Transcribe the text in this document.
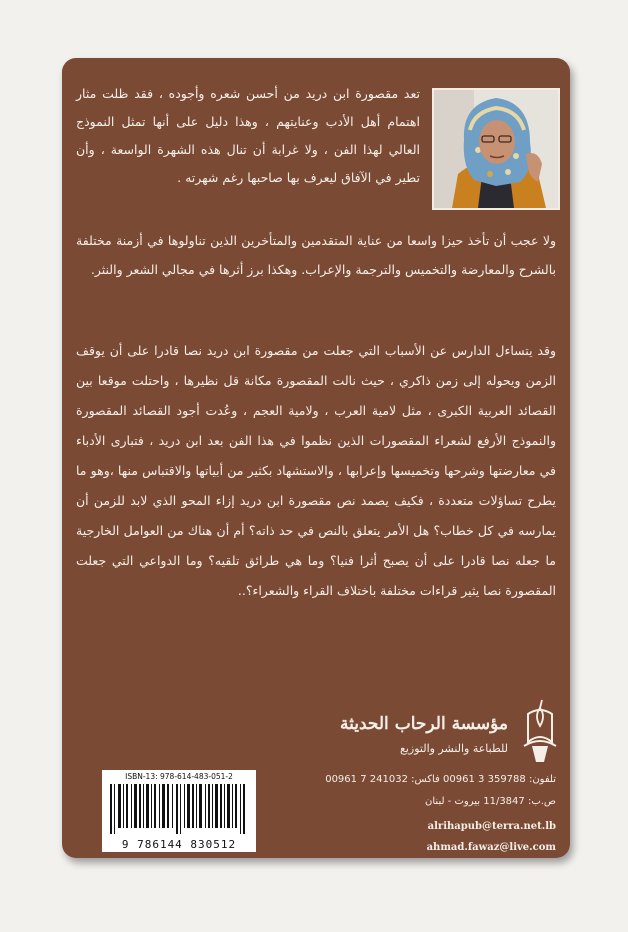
تعد مقصورة ابن دريد من أحسن شعره وأجوده ، فقد ظلت مثار اهتمام أهل الأدب وعنايتهم ، وهذا دليل على أنها تمثل النموذج العالي لهذا الفن ، ولا غرابة أن تنال هذه الشهرة الواسعة ، وأن تطير في الآفاق ليعرف بها صاحبها رغم شهرته .

ولا عجب أن تأخذ حيزا واسعا من عناية المتقدمين والمتأخرين الذين تناولوها في أزمنة مختلفة بالشرح والمعارضة والتخميس والترجمة والإعراب. وهكذا برز أثرها في مجالي الشعر والنثر.

وقد يتساءل الدارس عن الأسباب التي جعلت من مقصورة ابن دريد نصا قادرا على أن يوقف الزمن ويحوله إلى زمن ذاكري ، حيث نالت المقصورة مكانة قل نظيرها ، واحتلت موقعا بين القصائد العربية الكبرى ، مثل لامية العرب ، ولامية العجم ، وعُدت أجود القصائد المقصورة والنموذج الأرفع لشعراء المقصورات الذين نظموا في هذا الفن بعد ابن دريد ، فتبارى الأدباء في معارضتها وشرحها وتخميسها وإعرابها ، والاستشهاد بكثير من أبياتها والاقتباس منها ،وهو ما يطرح تساؤلات متعددة ، فكيف يصمد نص مقصورة ابن دريد إزاء المحو الذي لابد للزمن أن يمارسه في كل خطاب؟ هل الأمر يتعلق بالنص في حد ذاته؟ أم أن هناك من العوامل الخارجية ما جعله نصا قادرا على أن يصبح أثرا فنيا؟ وما هي طرائق تلقيه؟ وما الدواعي التي جعلت المقصورة نصا يثير قراءات مختلفة باختلاف القراء والشعراء؟..

مؤسسة الرحاب الحديثة
للطباعة والنشر والتوزيع
تلفون: 359788 3 00961 فاكس: 241032 7 00961
ص.ب: 11/3847 بيروت - لبنان
alrihapub@terra.net.lb
ahmad.fawaz@live.com
ISBN-13: 978-614-483-051-2
9 786144 830512
